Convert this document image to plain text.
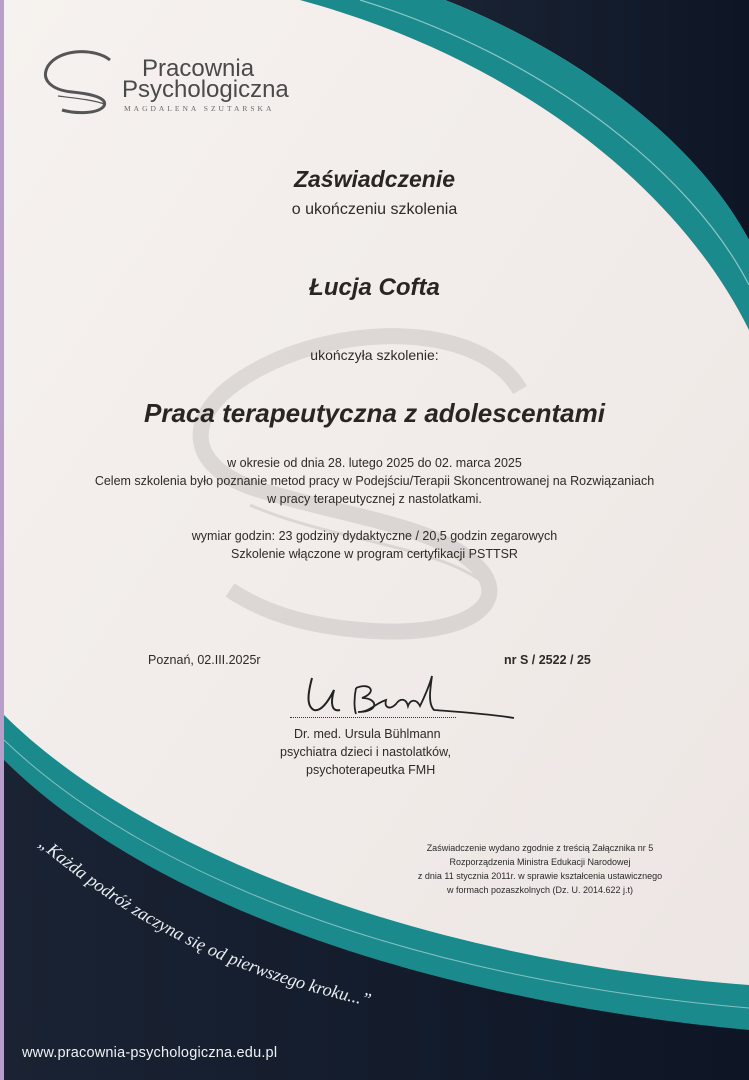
Pracownia
Psychologiczna
MAGDALENA SZUTARSKA
Zaświadczenie
o ukończeniu szkolenia
Łucja Cofta
ukończyła szkolenie:
Praca terapeutyczna z adolescentami
w okresie od dnia 28. lutego 2025 do 02. marca 2025
Celem szkolenia było poznanie metod pracy w Podejściu/Terapii Skoncentrowanej na Rozwiązaniach
w pracy terapeutycznej z nastolatkami.
wymiar godzin: 23 godziny dydaktyczne / 20,5 godzin zegarowych
Szkolenie włączone w program certyfikacji PSTTSR
Poznań, 02.III.2025r	nr S / 2522 / 25
Dr. med. Ursula Bühlmann
psychiatra dzieci i nastolatków,
psychoterapeutka FMH
Zaświadczenie wydano zgodnie z treścią Załącznika nr 5
Rozporządzenia Ministra Edukacji Narodowej
z dnia 11 stycznia 2011r. w sprawie kształcenia ustawicznego
w formach pozaszkolnych (Dz. U. 2014.622 j.t)
„Każda podróż zaczyna się od pierwszego kroku...”
www.pracownia-psychologiczna.edu.pl
